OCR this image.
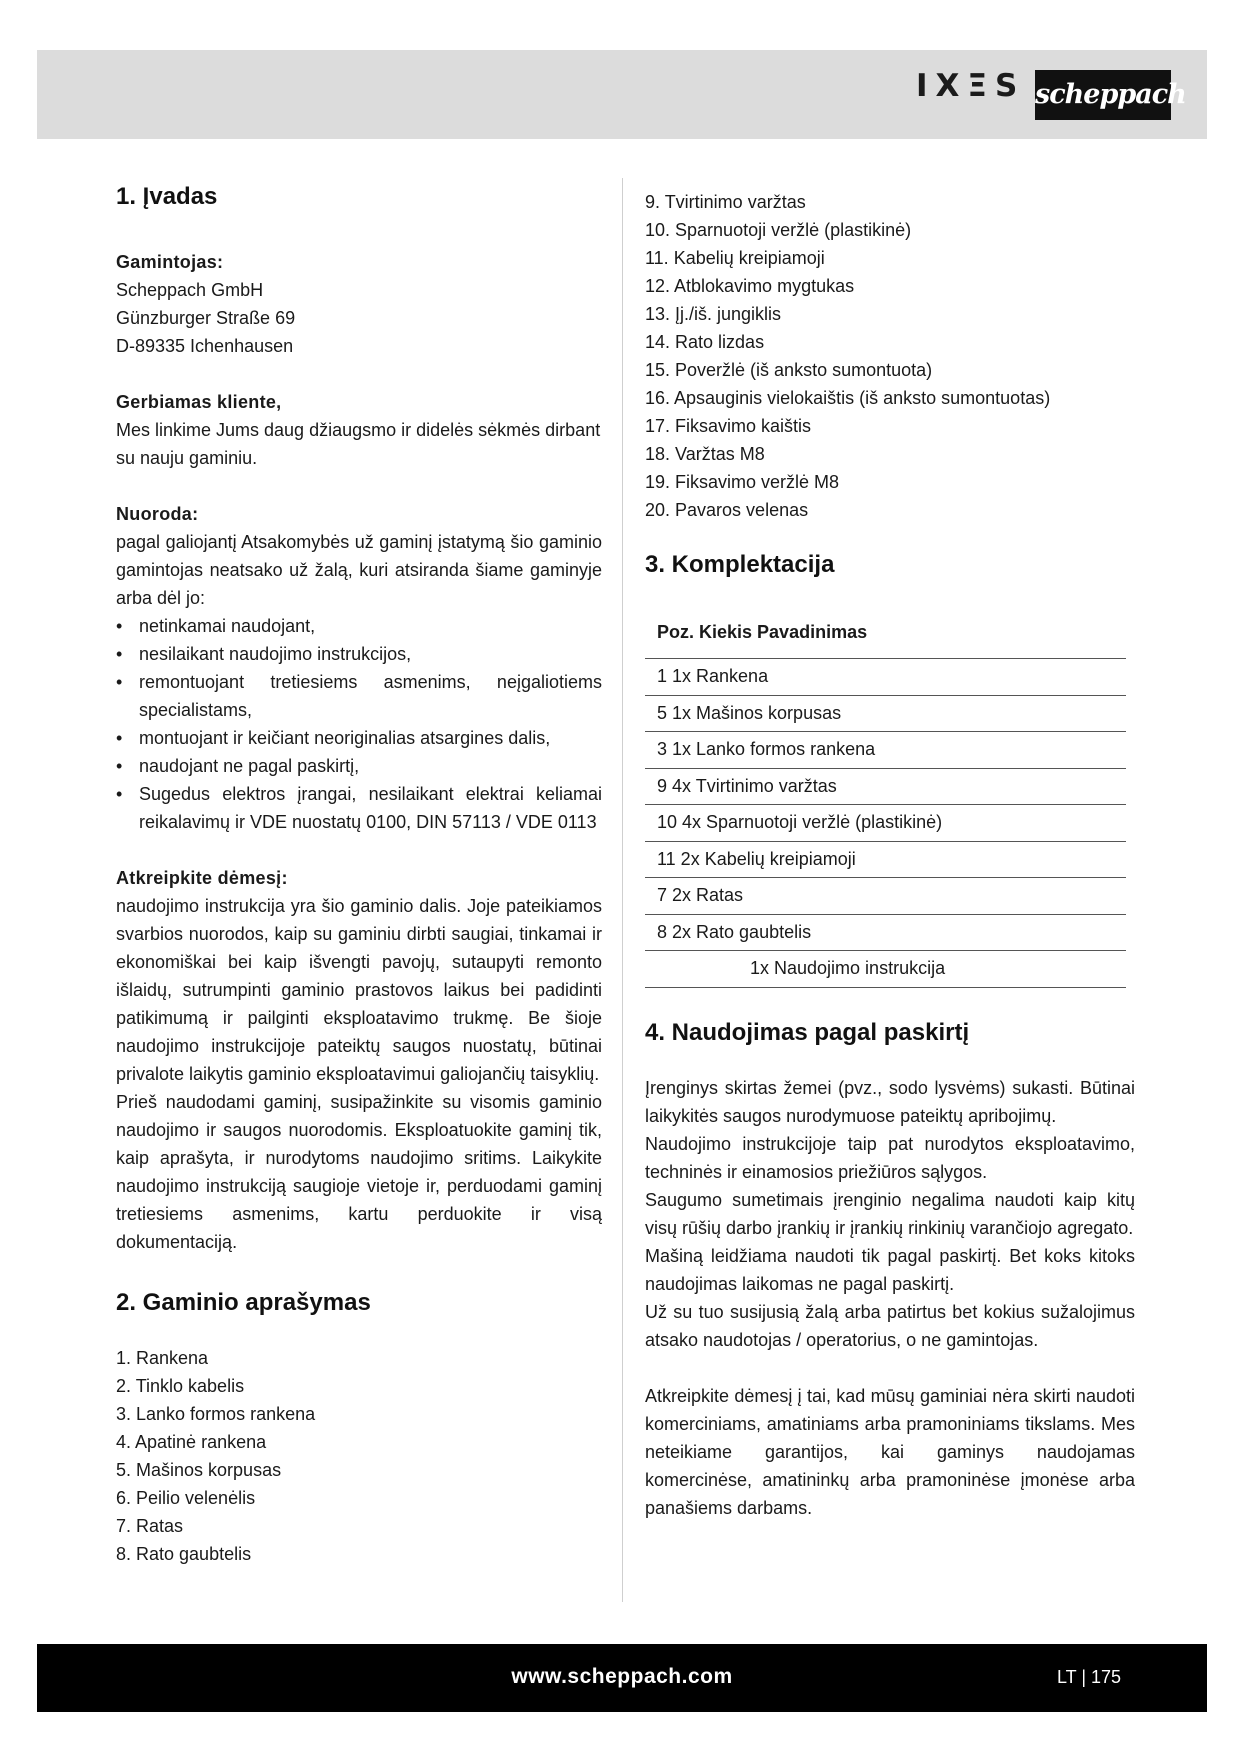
IXΞS scheppach
1. Įvadas

Gamintojas:

Scheppach GmbH

Günzburger Straße 69

D-89335 Ichenhausen

Gerbiamas kliente,

Mes linkime Jums daug džiaugsmo ir didelės sėkmės dirbant su nauju gaminiu.

Nuoroda:

pagal galiojantį Atsakomybės už gaminį įstatymą šio gaminio gamintojas neatsako už žalą, kuri atsiranda šiame gaminyje arba dėl jo:

• netinkamai naudojant,
• nesilaikant naudojimo instrukcijos,
• remontuojant tretiesiems asmenims, neįgaliotiems specialistams,
• montuojant ir keičiant neoriginalias atsargines dalis,
• naudojant ne pagal paskirtį,
• Sugedus elektros įrangai, nesilaikant elektrai keliamai reikalavimų ir VDE nuostatų 0100, DIN 57113 / VDE 0113

Atkreipkite dėmesį:

naudojimo instrukcija yra šio gaminio dalis. Joje pateikiamos svarbios nuorodos, kaip su gaminiu dirbti saugiai, tinkamai ir ekonomiškai bei kaip išvengti pavojų, sutaupyti remonto išlaidų, sutrumpinti gaminio prastovos laikus bei padidinti patikimumą ir pailginti eksploatavimo trukmę. Be šioje naudojimo instrukcijoje pateiktų saugos nuostatų, būtinai privalote laikytis gaminio eksploatavimui galiojančių taisyklių.

Prieš naudodami gaminį, susipažinkite su visomis gaminio naudojimo ir saugos nuorodomis. Eksploatuokite gaminį tik, kaip aprašyta, ir nurodytoms naudojimo sritims. Laikykite naudojimo instrukciją saugioje vietoje ir, perduodami gaminį tretiesiems asmenims, kartu perduokite ir visą dokumentaciją.

2. Gaminio aprašymas
1. Rankena
2. Tinklo kabelis
3. Lanko formos rankena
4. Apatinė rankena
5. Mašinos korpusas
6. Peilio velenėlis
7. Ratas
8. Rato gaubtelis
9. Tvirtinimo varžtas
10. Sparnuotoji veržlė (plastikinė)
11. Kabelių kreipiamoji
12. Atblokavimo mygtukas
13. Įj./iš. jungiklis
14. Rato lizdas
15. Poveržlė (iš anksto sumontuota)
16. Apsauginis vielokaištis (iš anksto sumontuotas)
17. Fiksavimo kaištis
18. Varžtas M8
19. Fiksavimo veržlė M8
20. Pavaros velenas
3. Komplektacija
Poz. Kiekis Pavadinimas
1 1x Rankena
5 1x Mašinos korpusas
3 1x Lanko formos rankena
9 4x Tvirtinimo varžtas
10 4x Sparnuotoji veržlė (plastikinė)
11 2x Kabelių kreipiamoji
7 2x Ratas
8 2x Rato gaubtelis
1x Naudojimo instrukcija
4. Naudojimas pagal paskirtį

Įrenginys skirtas žemei (pvz., sodo lysvėms) sukasti. Būtinai laikykitės saugos nurodymuose pateiktų apribojimų.

Naudojimo instrukcijoje taip pat nurodytos eksploatavimo, techninės ir einamosios priežiūros sąlygos.

Saugumo sumetimais įrenginio negalima naudoti kaip kitų visų rūšių darbo įrankių ir įrankių rinkinių varančiojo agregato.

Mašiną leidžiama naudoti tik pagal paskirtį. Bet koks kitoks naudojimas laikomas ne pagal paskirtį.

Už su tuo susijusią žalą arba patirtus bet kokius sužalojimus atsako naudotojas / operatorius, o ne gamintojas.

Atkreipkite dėmesį į tai, kad mūsų gaminiai nėra skirti naudoti komerciniams, amatiniams arba pramoniniams tikslams. Mes neteikiame garantijos, kai gaminys naudojamas komercinėse, amatininkų arba pramoninėse įmonėse arba panašiems darbams.

www.scheppach.com	LT | 175
